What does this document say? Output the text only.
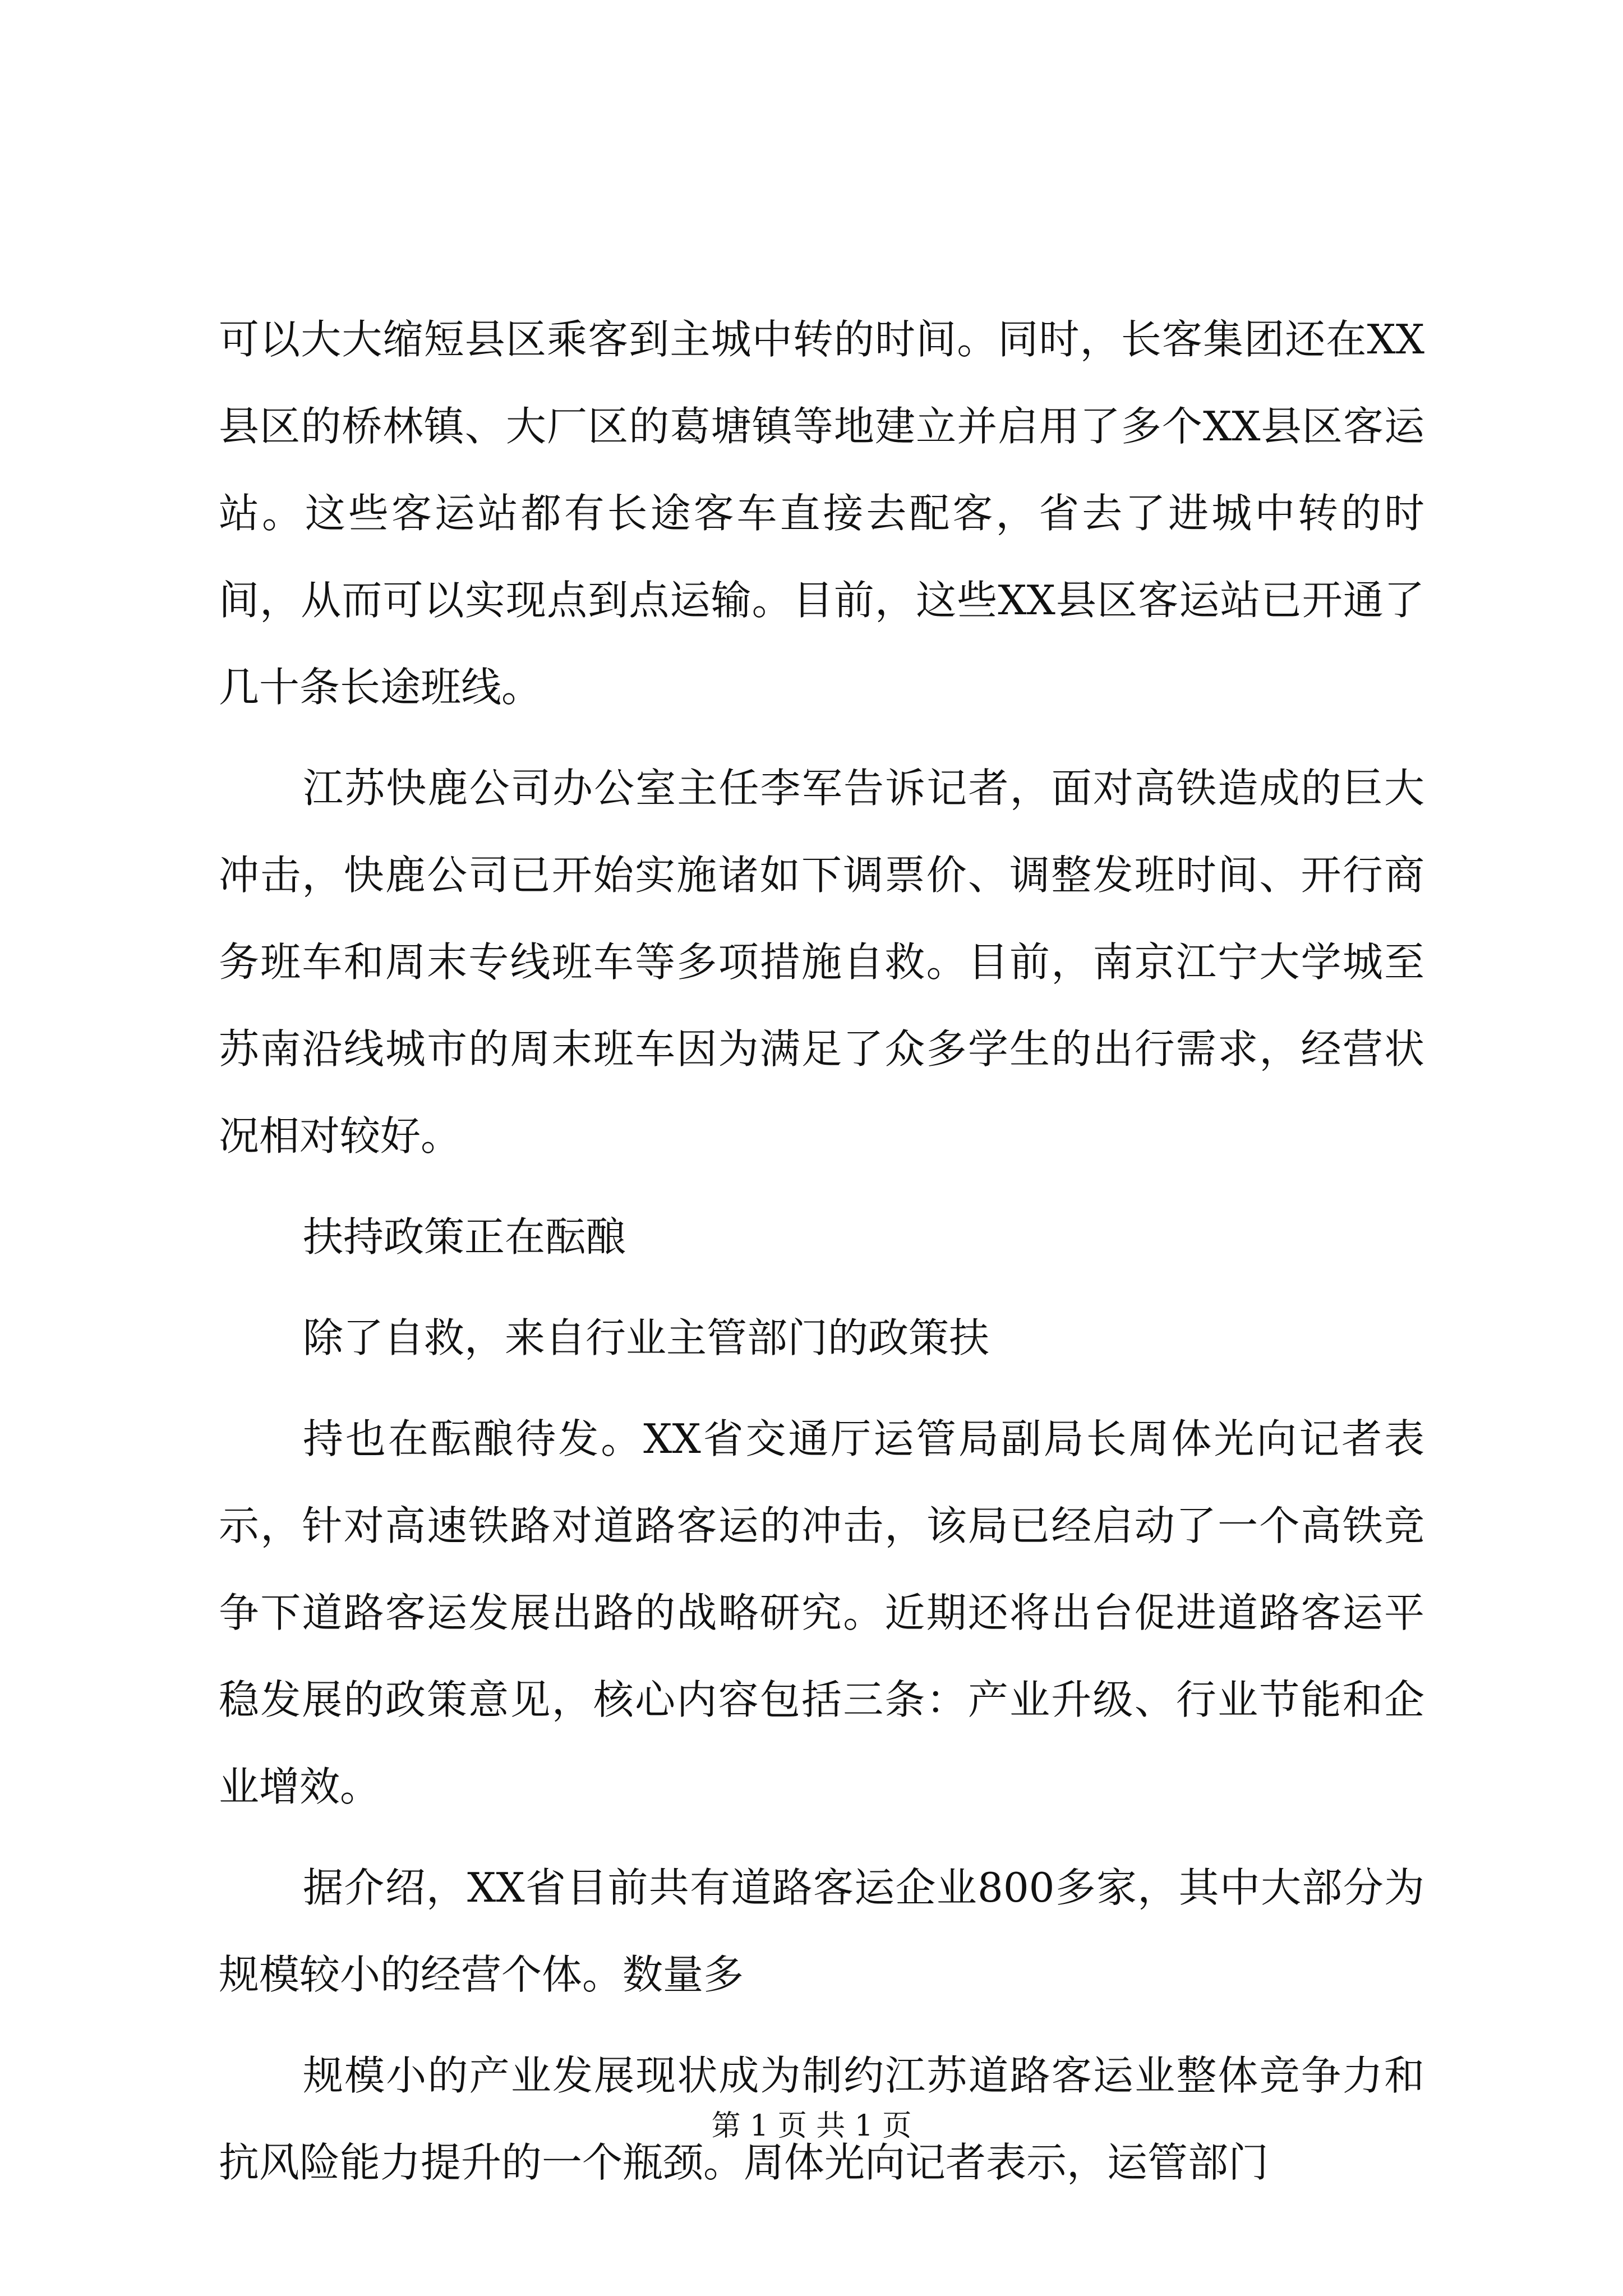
可以大大缩短县区乘客到主城中转的时间。同时，长客集团还在XX县区的桥林镇、大厂区的葛塘镇等地建立并启用了多个XX县区客运站。这些客运站都有长途客车直接去配客，省去了进城中转的时间，从而可以实现点到点运输。目前，这些XX县区客运站已开通了几十条长途班线。

江苏快鹿公司办公室主任李军告诉记者，面对高铁造成的巨大冲击，快鹿公司已开始实施诸如下调票价、调整发班时间、开行商务班车和周末专线班车等多项措施自救。目前，南京江宁大学城至苏南沿线城市的周末班车因为满足了众多学生的出行需求，经营状况相对较好。

扶持政策正在酝酿

除了自救，来自行业主管部门的政策扶

持也在酝酿待发。XX省交通厅运管局副局长周体光向记者表示，针对高速铁路对道路客运的冲击，该局已经启动了一个高铁竞争下道路客运发展出路的战略研究。近期还将出台促进道路客运平稳发展的政策意见，核心内容包括三条：产业升级、行业节能和企业增效。

据介绍，XX省目前共有道路客运企业800多家，其中大部分为规模较小的经营个体。数量多

规模小的产业发展现状成为制约江苏道路客运业整体竞争力和抗风险能力提升的一个瓶颈。周体光向记者表示，运管部门

第 1 页 共 1 页
